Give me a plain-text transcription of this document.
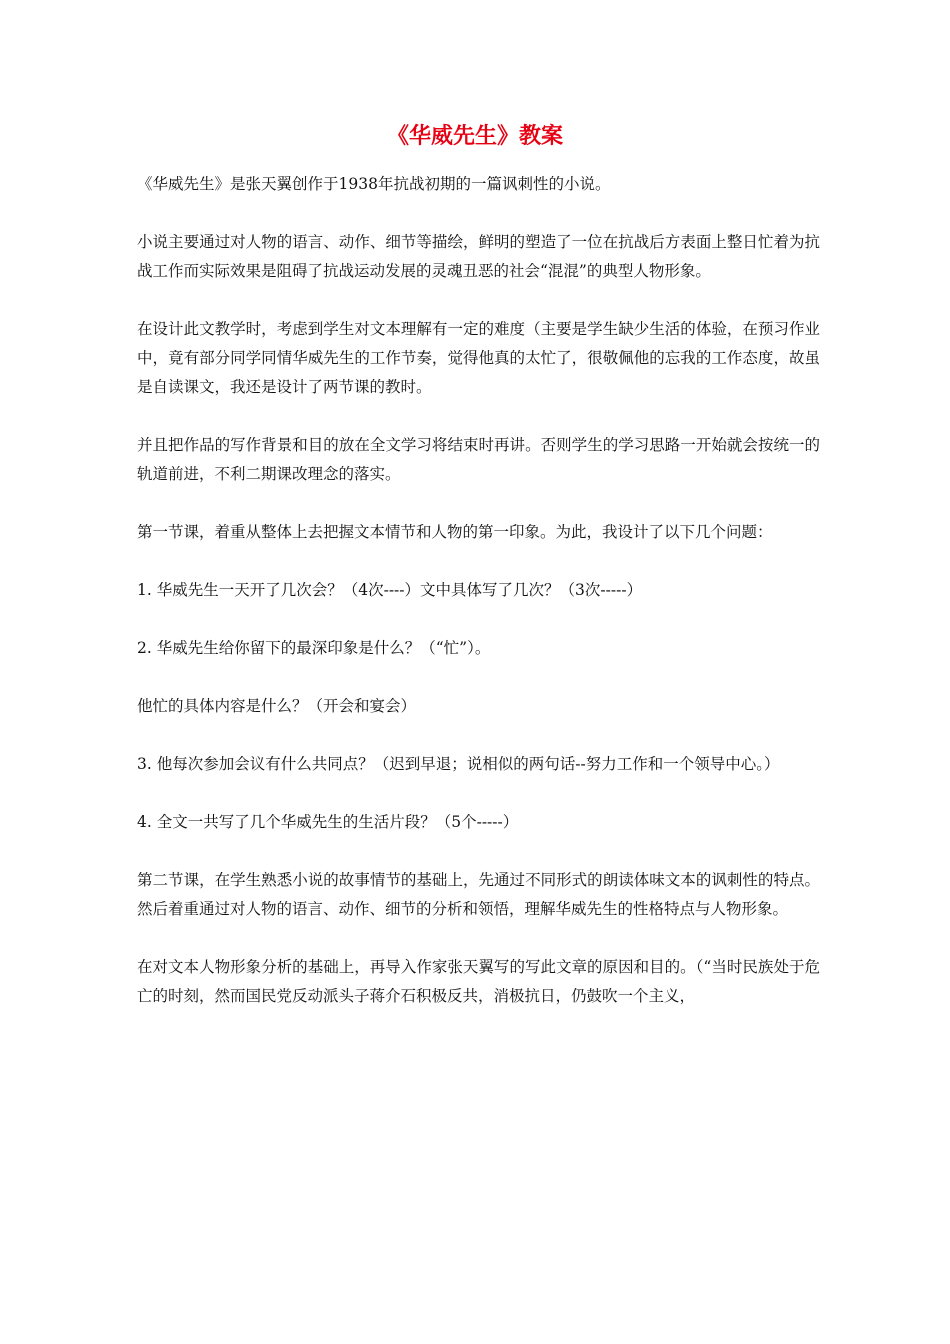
《华威先生》教案

《华威先生》是张天翼创作于1938年抗战初期的一篇讽刺性的小说。

小说主要通过对人物的语言、动作、细节等描绘，鲜明的塑造了一位在抗战后方表面上整日忙着为抗战工作而实际效果是阻碍了抗战运动发展的灵魂丑恶的社会“混混”的典型人物形象。

在设计此文教学时，考虑到学生对文本理解有一定的难度（主要是学生缺少生活的体验，在预习作业中，竟有部分同学同情华威先生的工作节奏，觉得他真的太忙了，很敬佩他的忘我的工作态度，故虽是自读课文，我还是设计了两节课的教时。

并且把作品的写作背景和目的放在全文学习将结束时再讲。否则学生的学习思路一开始就会按统一的轨道前进，不利二期课改理念的落实。

第一节课，着重从整体上去把握文本情节和人物的第一印象。为此，我设计了以下几个问题：

1. 华威先生一天开了几次会？（4次----）文中具体写了几次？（3次-----）

2. 华威先生给你留下的最深印象是什么？（“忙”）。

他忙的具体内容是什么？（开会和宴会）

3. 他每次参加会议有什么共同点？（迟到早退；说相似的两句话--努力工作和一个领导中心。）

4. 全文一共写了几个华威先生的生活片段？（5个-----）

第二节课，在学生熟悉小说的故事情节的基础上，先通过不同形式的朗读体味文本的讽刺性的特点。然后着重通过对人物的语言、动作、细节的分析和领悟，理解华威先生的性格特点与人物形象。

在对文本人物形象分析的基础上，再导入作家张天翼写的写此文章的原因和目的。（“当时民族处于危亡的时刻，然而国民党反动派头子蒋介石积极反共，消极抗日，仍鼓吹一个主义，
